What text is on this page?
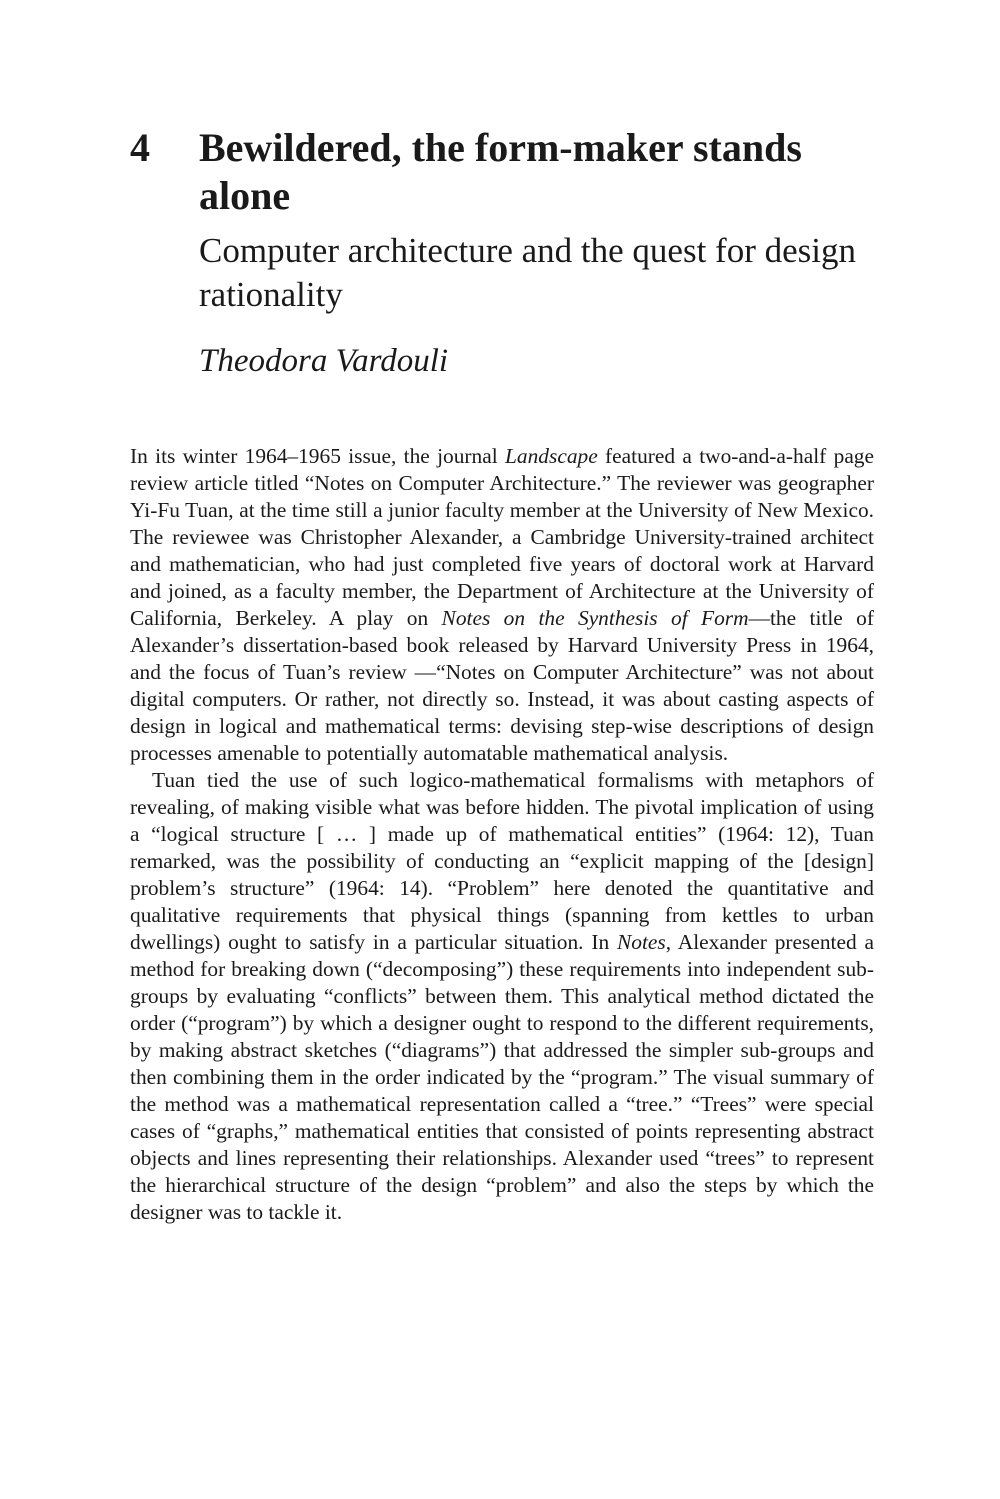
4 Bewildered, the form-maker stands alone
Computer architecture and the quest for design rationality
Theodora Vardouli

In its winter 1964–1965 issue, the journal Landscape featured a two-and-a-half page review article titled “Notes on Computer Architecture.” The reviewer was geographer Yi-Fu Tuan, at the time still a junior faculty member at the University of New Mexico. The reviewee was Christopher Alexander, a Cambridge University-trained architect and mathematician, who had just completed five years of doctoral work at Harvard and joined, as a faculty member, the Department of Architecture at the University of California, Berkeley. A play on Notes on the Synthesis of Form—the title of Alexander’s dissertation-based book released by Harvard University Press in 1964, and the focus of Tuan’s review —“Notes on Computer Architecture” was not about digital computers. Or rather, not directly so. Instead, it was about casting aspects of design in logical and mathematical terms: devising step-wise descriptions of design processes amenable to potentially automatable mathematical analysis.

Tuan tied the use of such logico-mathematical formalisms with metaphors of revealing, of making visible what was before hidden. The pivotal implication of using a “logical structure [ … ] made up of mathematical entities” (1964: 12), Tuan remarked, was the possibility of conducting an “explicit mapping of the [design] problem’s structure” (1964: 14). “Problem” here denoted the quantitative and qualitative requirements that physical things (spanning from kettles to urban dwellings) ought to satisfy in a particular situation. In Notes, Alexander presented a method for breaking down (“decomposing”) these requirements into independent sub-groups by evaluating “conflicts” between them. This analytical method dictated the order (“program”) by which a designer ought to respond to the different requirements, by making abstract sketches (“diagrams”) that addressed the simpler sub-groups and then combining them in the order indicated by the “program.” The visual summary of the method was a mathematical representation called a “tree.” “Trees” were special cases of “graphs,” mathematical entities that consisted of points representing abstract objects and lines representing their relationships. Alexander used “trees” to represent the hierarchical structure of the design “problem” and also the steps by which the designer was to tackle it.
